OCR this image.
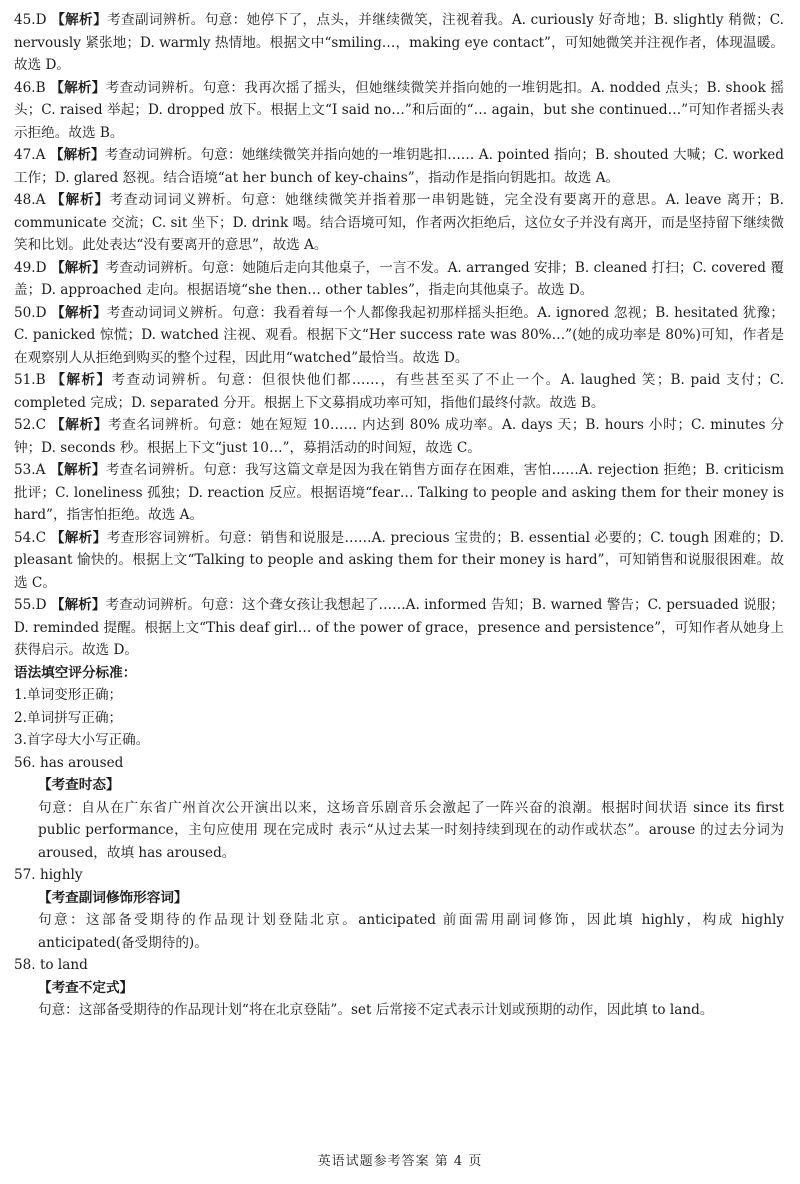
45.D 【解析】考查副词辨析。句意：她停下了，点头，并继续微笑，注视着我。A. curiously 好奇地；B. slightly 稍微；C. nervously 紧张地；D. warmly 热情地。根据文中“smiling…，making eye contact”，可知她微笑并注视作者，体现温暖。故选 D。

46.B 【解析】考查动词辨析。句意：我再次摇了摇头，但她继续微笑并指向她的一堆钥匙扣。A. nodded 点头；B. shook 摇头；C. raised 举起；D. dropped 放下。根据上文“I said no…”和后面的“… again，but she continued…”可知作者摇头表示拒绝。故选 B。

47.A 【解析】考查动词辨析。句意：她继续微笑并指向她的一堆钥匙扣…… A. pointed 指向；B. shouted 大喊；C. worked 工作；D. glared 怒视。结合语境“at her bunch of key-chains”，指动作是指向钥匙扣。故选 A。

48.A 【解析】考查动词词义辨析。句意：她继续微笑并指着那一串钥匙链，完全没有要离开的意思。A. leave 离开；B. communicate 交流；C. sit 坐下；D. drink 喝。结合语境可知，作者两次拒绝后，这位女子并没有离开，而是坚持留下继续微笑和比划。此处表达“没有要离开的意思”，故选 A。

49.D 【解析】考查动词辨析。句意：她随后走向其他桌子，一言不发。A. arranged 安排；B. cleaned 打扫；C. covered 覆盖；D. approached 走向。根据语境“she then… other tables”，指走向其他桌子。故选 D。

50.D 【解析】考查动词词义辨析。句意：我看着每一个人都像我起初那样摇头拒绝。A. ignored 忽视；B. hesitated 犹豫；C. panicked 惊慌；D. watched 注视、观看。根据下文“Her success rate was 80%…”(她的成功率是 80%)可知，作者是在观察别人从拒绝到购买的整个过程，因此用“watched”最恰当。故选 D。

51.B 【解析】考查动词辨析。句意：但很快他们都……，有些甚至买了不止一个。A. laughed 笑；B. paid 支付；C. completed 完成；D. separated 分开。根据上下文募捐成功率可知，指他们最终付款。故选 B。

52.C 【解析】考查名词辨析。句意：她在短短 10…… 内达到 80% 成功率。A. days 天；B. hours 小时；C. minutes 分钟；D. seconds 秒。根据上下文“just 10…”，募捐活动的时间短，故选 C。

53.A 【解析】考查名词辨析。句意：我写这篇文章是因为我在销售方面存在困难，害怕……A. rejection 拒绝；B. criticism 批评；C. loneliness 孤独；D. reaction 反应。根据语境“fear… Talking to people and asking them for their money is hard”，指害怕拒绝。故选 A。

54.C 【解析】考查形容词辨析。句意：销售和说服是……A. precious 宝贵的；B. essential 必要的；C. tough 困难的；D. pleasant 愉快的。根据上文“Talking to people and asking them for their money is hard”，可知销售和说服很困难。故选 C。

55.D 【解析】考查动词辨析。句意：这个聋女孩让我想起了……A. informed 告知；B. warned 警告；C. persuaded 说服；D. reminded 提醒。根据上文“This deaf girl… of the power of grace，presence and persistence”，可知作者从她身上获得启示。故选 D。

语法填空评分标准：

1.单词变形正确；

2.单词拼写正确；

3.首字母大小写正确。

56. has aroused

【考查时态】
句意：自从在广东省广州首次公开演出以来，这场音乐剧音乐会激起了一阵兴奋的浪潮。根据时间状语 since its first public performance，主句应使用 现在完成时 表示“从过去某一时刻持续到现在的动作或状态”。arouse 的过去分词为 aroused，故填 has aroused。

57. highly

【考查副词修饰形容词】
句意：这部备受期待的作品现计划登陆北京。anticipated 前面需用副词修饰，因此填 highly，构成 highly anticipated(备受期待的)。

58. to land

【考查不定式】
句意：这部备受期待的作品现计划“将在北京登陆”。set 后常接不定式表示计划或预期的动作，因此填 to land。
英语试题参考答案 第 4 页
